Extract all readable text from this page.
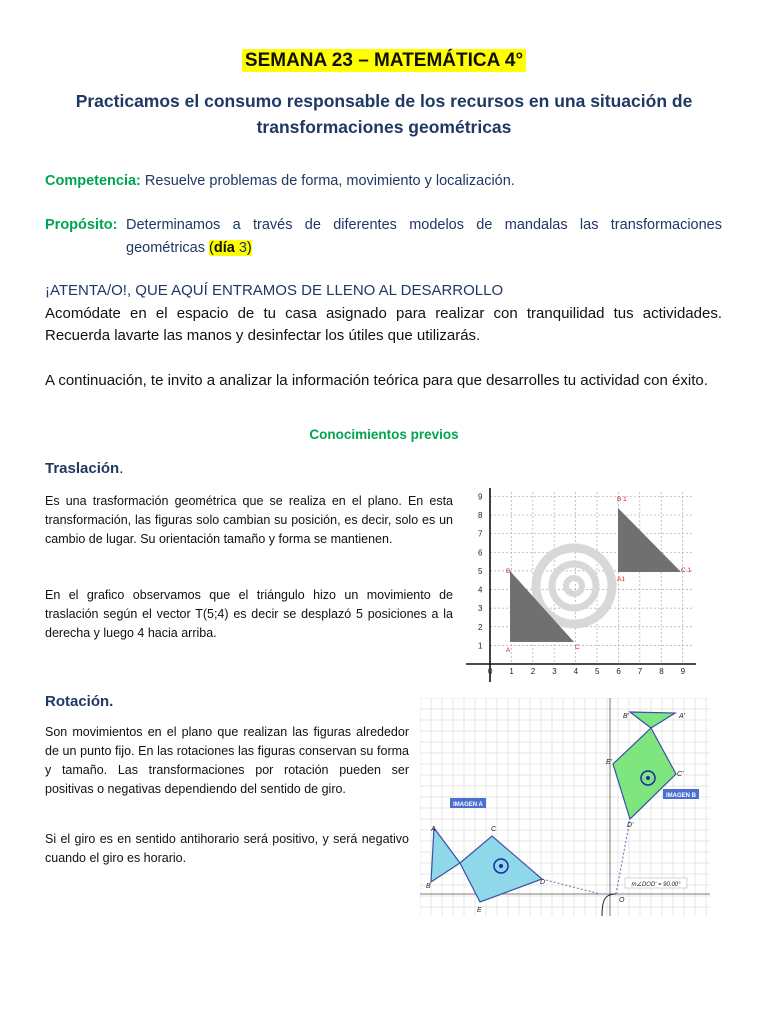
SEMANA 23 – MATEMÁTICA 4°
Practicamos el consumo responsable de los recursos en una situación de transformaciones geométricas
Competencia: Resuelve problemas de forma, movimiento y localización.
Propósito: Determinamos a través de diferentes modelos de mandalas las transformaciones
geométricas (día 3)
¡ATENTA/O!, QUE AQUÍ ENTRAMOS DE LLENO AL DESARROLLO
Acomódate en el espacio de tu casa asignado para realizar con tranquilidad tus actividades. Recuerda lavarte las manos y desinfectar los útiles que utilizarás.
A continuación, te invito a analizar la información teórica para que desarrolles tu actividad con éxito.
Conocimientos previos
Traslación.
Es una trasformación geométrica que se realiza en el plano. En esta transformación, las figuras solo cambian su posición, es decir, solo es un cambio de lugar. Su orientación tamaño y forma se mantienen.
En el grafico observamos que el triángulo hizo un movimiento de traslación según el vector T(5;4) es decir se desplazó 5 posiciones a la derecha y luego 4 hacia arriba.
A
B
C
A1
B 1
C 1
0 1 2 3 4 5 6 7 8 9
1
2
3
4
5
6
7
8
9
Rotación.
Son movimientos en el plano que realizan las figuras alrededor de un punto fijo. En las rotaciones las figuras conservan su forma y tamaño. Las transformaciones por rotación pueden ser positivas o negativas dependiendo del sentido de giro.
Si el giro es en sentido antihorario será positivo, y será negativo cuando el giro es horario.
IMAGEN A
IMAGEN B
m∠DOD' = 90.00°
A
B
C
D
E
A'
B'
C'
D'
E'
O
